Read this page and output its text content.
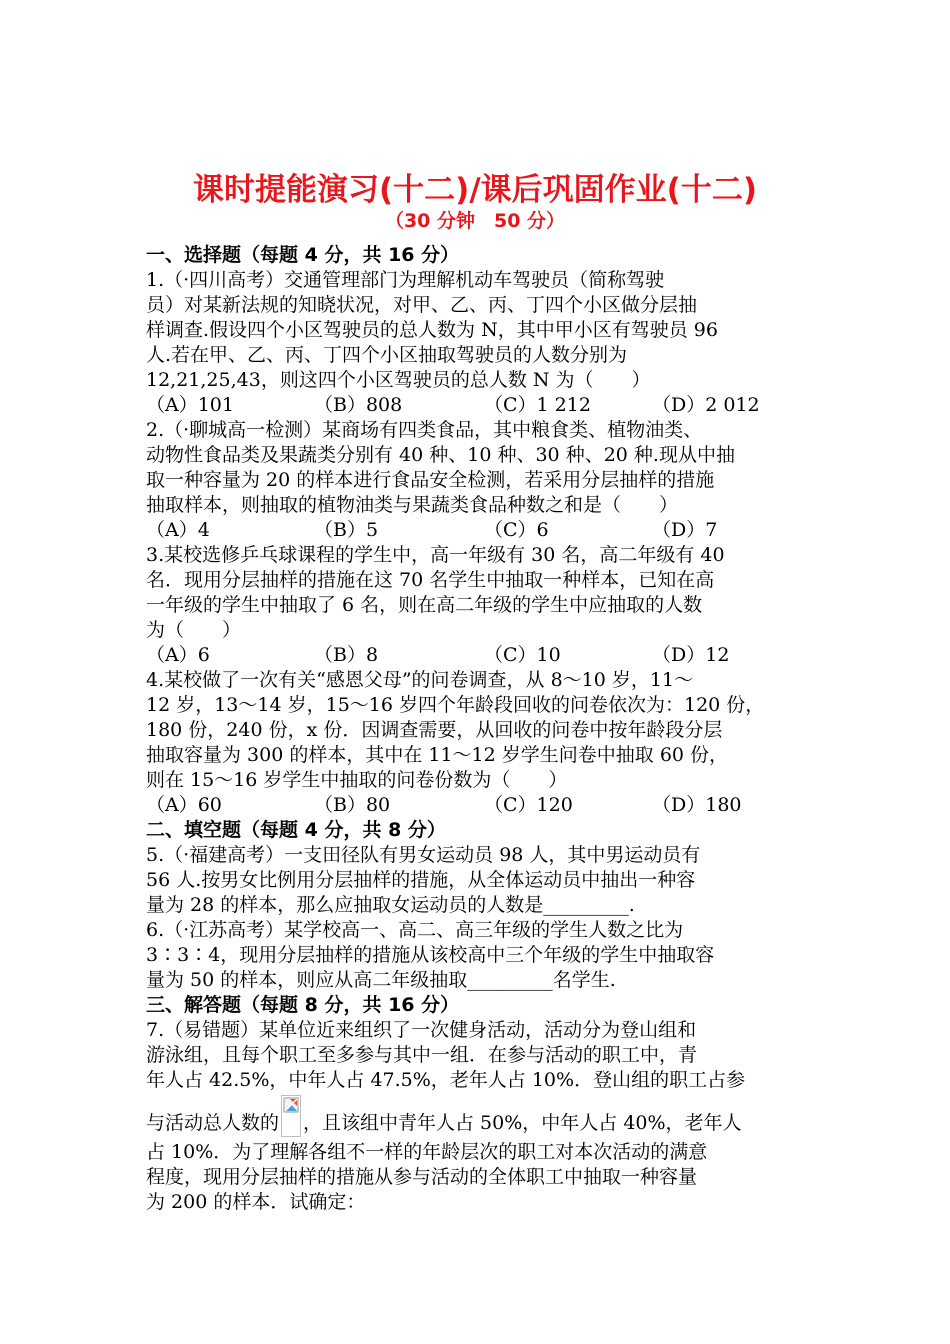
课时提能演习(十二)/课后巩固作业(十二)
（30 分钟　50 分）
一、选择题（每题 4 分，共 16 分）
1.（·四川高考）交通管理部门为理解机动车驾驶员（简称驾驶
员）对某新法规的知晓状况，对甲、乙、丙、丁四个小区做分层抽
样调查.假设四个小区驾驶员的总人数为 N，其中甲小区有驾驶员 96
人.若在甲、乙、丙、丁四个小区抽取驾驶员的人数分别为
12,21,25,43，则这四个小区驾驶员的总人数 N 为（　　）
（A）101	（B）808	（C）1 212	（D）2 012
2.（·聊城高一检测）某商场有四类食品，其中粮食类、植物油类、
动物性食品类及果蔬类分别有 40 种、10 种、30 种、20 种.现从中抽
取一种容量为 20 的样本进行食品安全检测，若采用分层抽样的措施
抽取样本，则抽取的植物油类与果蔬类食品种数之和是（　　）
（A）4	（B）5	（C）6	（D）7
3.某校选修乒乓球课程的学生中，高一年级有 30 名，高二年级有 40
名．现用分层抽样的措施在这 70 名学生中抽取一种样本，已知在高
一年级的学生中抽取了 6 名，则在高二年级的学生中应抽取的人数
为（　　）
（A）6	（B）8	（C）10	（D）12
4.某校做了一次有关“感恩父母”的问卷调查，从 8～10 岁，11～
12 岁，13～14 岁，15～16 岁四个年龄段回收的问卷依次为：120 份，
180 份，240 份，x 份．因调查需要，从回收的问卷中按年龄段分层
抽取容量为 300 的样本，其中在 11～12 岁学生问卷中抽取 60 份，
则在 15～16 岁学生中抽取的问卷份数为（　　）
（A）60	（B）80	（C）120	（D）180
二、填空题（每题 4 分，共 8 分）
5.（·福建高考）一支田径队有男女运动员 98 人，其中男运动员有
56 人.按男女比例用分层抽样的措施，从全体运动员中抽出一种容
量为 28 的样本，那么应抽取女运动员的人数是_________.
6.（·江苏高考）某学校高一、高二、高三年级的学生人数之比为
3∶3∶4，现用分层抽样的措施从该校高中三个年级的学生中抽取容
量为 50 的样本，则应从高二年级抽取_________名学生.
三、解答题（每题 8 分，共 16 分）
7.（易错题）某单位近来组织了一次健身活动，活动分为登山组和
游泳组，且每个职工至多参与其中一组．在参与活动的职工中，青
年人占 42.5%，中年人占 47.5%，老年人占 10%．登山组的职工占参
与活动总人数的 ，且该组中青年人占 50%，中年人占 40%，老年人
占 10%．为了理解各组不一样的年龄层次的职工对本次活动的满意
程度，现用分层抽样的措施从参与活动的全体职工中抽取一种容量
为 200 的样本．试确定：
